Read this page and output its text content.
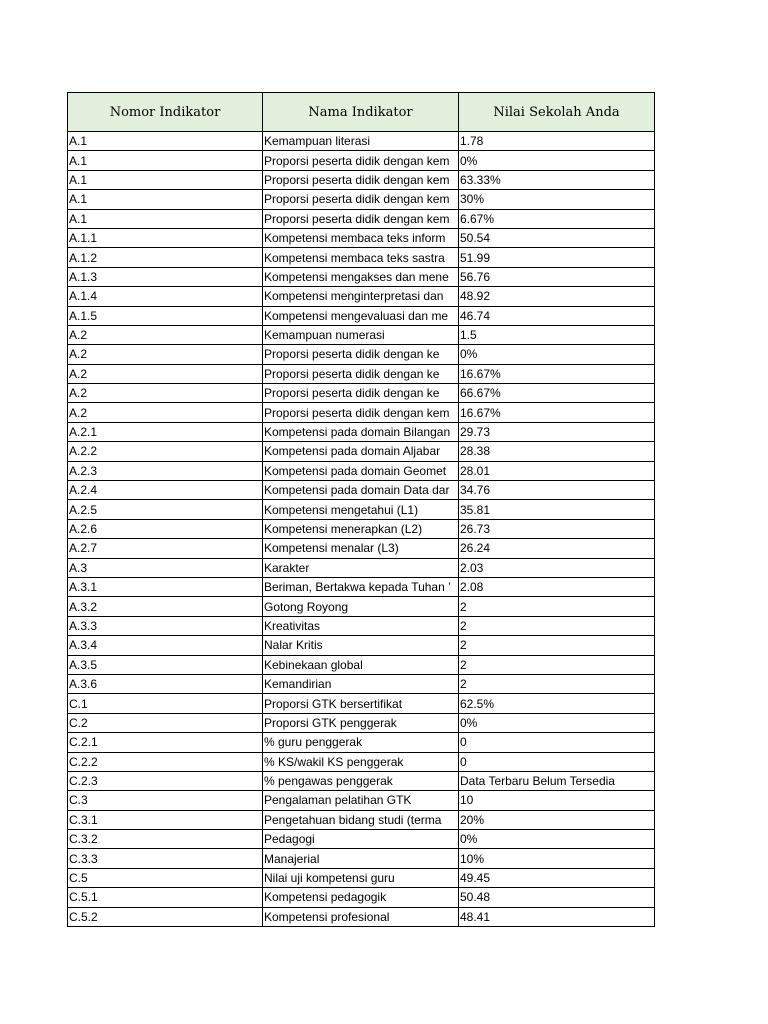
Nomor Indikator	Nama Indikator	Nilai Sekolah Anda
A.1	Kemampuan literasi	1.78
A.1	Proporsi peserta didik dengan kem	0%
A.1	Proporsi peserta didik dengan kem	63.33%
A.1	Proporsi peserta didik dengan kem	30%
A.1	Proporsi peserta didik dengan kem	6.67%
A.1.1	Kompetensi membaca teks inform	50.54
A.1.2	Kompetensi membaca teks sastra	51.99
A.1.3	Kompetensi mengakses dan mene	56.76
A.1.4	Kompetensi menginterpretasi dan	48.92
A.1.5	Kompetensi mengevaluasi dan me	46.74
A.2	Kemampuan numerasi	1.5
A.2	Proporsi peserta didik dengan ke	0%
A.2	Proporsi peserta didik dengan ke	16.67%
A.2	Proporsi peserta didik dengan ke	66.67%
A.2	Proporsi peserta didik dengan kem	16.67%
A.2.1	Kompetensi pada domain Bilangan	29.73
A.2.2	Kompetensi pada domain Aljabar	28.38
A.2.3	Kompetensi pada domain Geomet	28.01
A.2.4	Kompetensi pada domain Data dar	34.76
A.2.5	Kompetensi mengetahui (L1)	35.81
A.2.6	Kompetensi menerapkan (L2)	26.73
A.2.7	Kompetensi menalar (L3)	26.24
A.3	Karakter	2.03
A.3.1	Beriman, Bertakwa kepada Tuhan ’	2.08
A.3.2	Gotong Royong	2
A.3.3	Kreativitas	2
A.3.4	Nalar Kritis	2
A.3.5	Kebinekaan global	2
A.3.6	Kemandirian	2
C.1	Proporsi GTK bersertifikat	62.5%
C.2	Proporsi GTK penggerak	0%
C.2.1	% guru penggerak	0
C.2.2	% KS/wakil KS penggerak	0
C.2.3	% pengawas penggerak	Data Terbaru Belum Tersedia
C.3	Pengalaman pelatihan GTK	10
C.3.1	Pengetahuan bidang studi (terma	20%
C.3.2	Pedagogi	0%
C.3.3	Manajerial	10%
C.5	Nilai uji kompetensi guru	49.45
C.5.1	Kompetensi pedagogik	50.48
C.5.2	Kompetensi profesional	48.41
